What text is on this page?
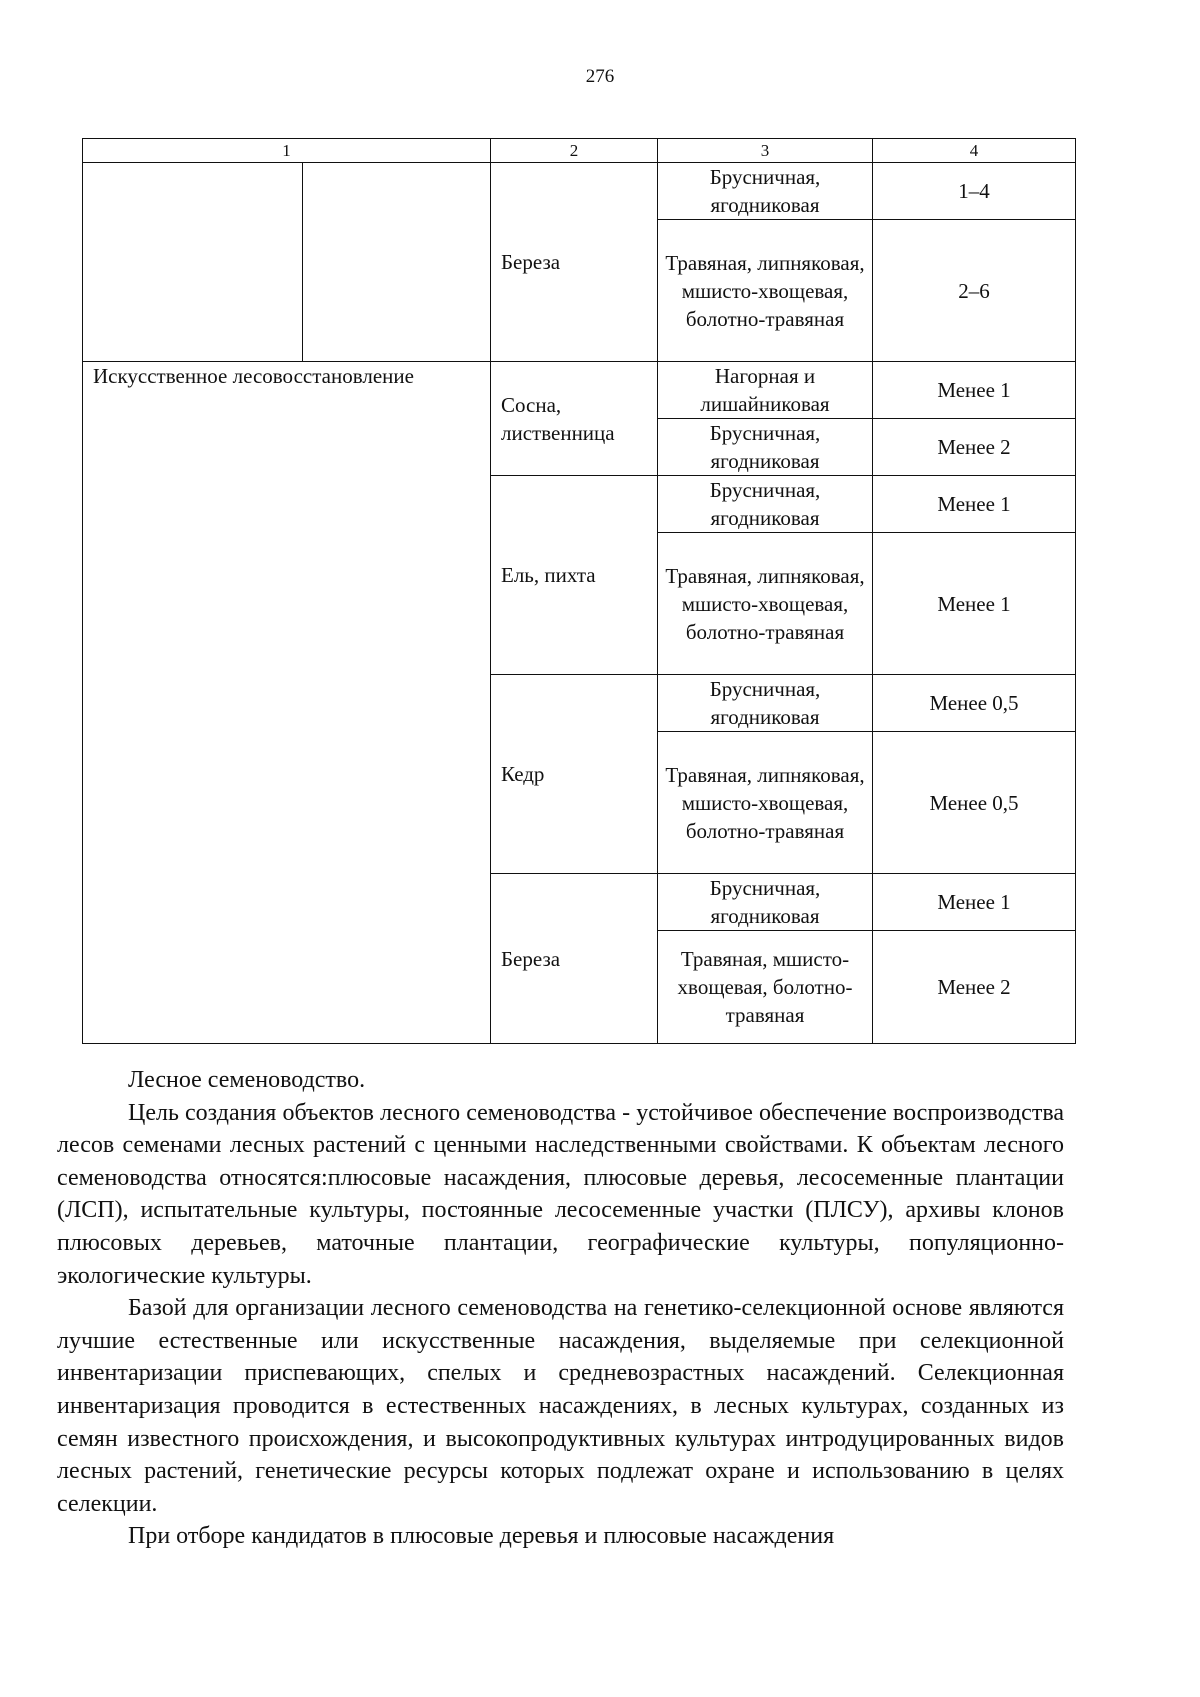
276
1		2	3	4
		Береза	Брусничная, ягодниковая	1–4
			Травяная, липняковая, мшисто-хвощевая, болотно-травяная	2–6
Искусственное лесовосстановление		Сосна, лиственница	Нагорная и лишайниковая	Менее 1
			Брусничная, ягодниковая	Менее 2
		Ель, пихта	Брусничная, ягодниковая	Менее 1
			Травяная, липняковая, мшисто-хвощевая, болотно-травяная	Менее 1
		Кедр	Брусничная, ягодниковая	Менее 0,5
			Травяная, липняковая, мшисто-хвощевая, болотно-травяная	Менее 0,5
		Береза	Брусничная, ягодниковая	Менее 1
			Травяная, мшисто-хвощевая, болотно-травяная	Менее 2

Лесное семеноводство.

Цель создания объектов лесного семеноводства - устойчивое обеспечение воспроизводства лесов семенами лесных растений с ценными наследственными свойствами. К объектам лесного семеноводства относятся:плюсовые насаждения, плюсовые деревья, лесосеменные плантации (ЛСП), испытательные культуры, постоянные лесосеменные участки (ПЛСУ), архивы клонов плюсовых деревьев, маточные плантации, географические культуры, популяционно-экологические культуры.

Базой для организации лесного семеноводства на генетико-селекционной основе являются лучшие естественные или искусственные насаждения, выделяемые при селекционной инвентаризации приспевающих, спелых и средневозрастных насаждений. Селекционная инвентаризация проводится в естественных насаждениях, в лесных культурах, созданных из семян известного происхождения, и высокопродуктивных культурах интродуцированных видов лесных растений, генетические ресурсы которых подлежат охране и использованию в целях селекции.

При отборе кандидатов в плюсовые деревья и плюсовые насаждения
